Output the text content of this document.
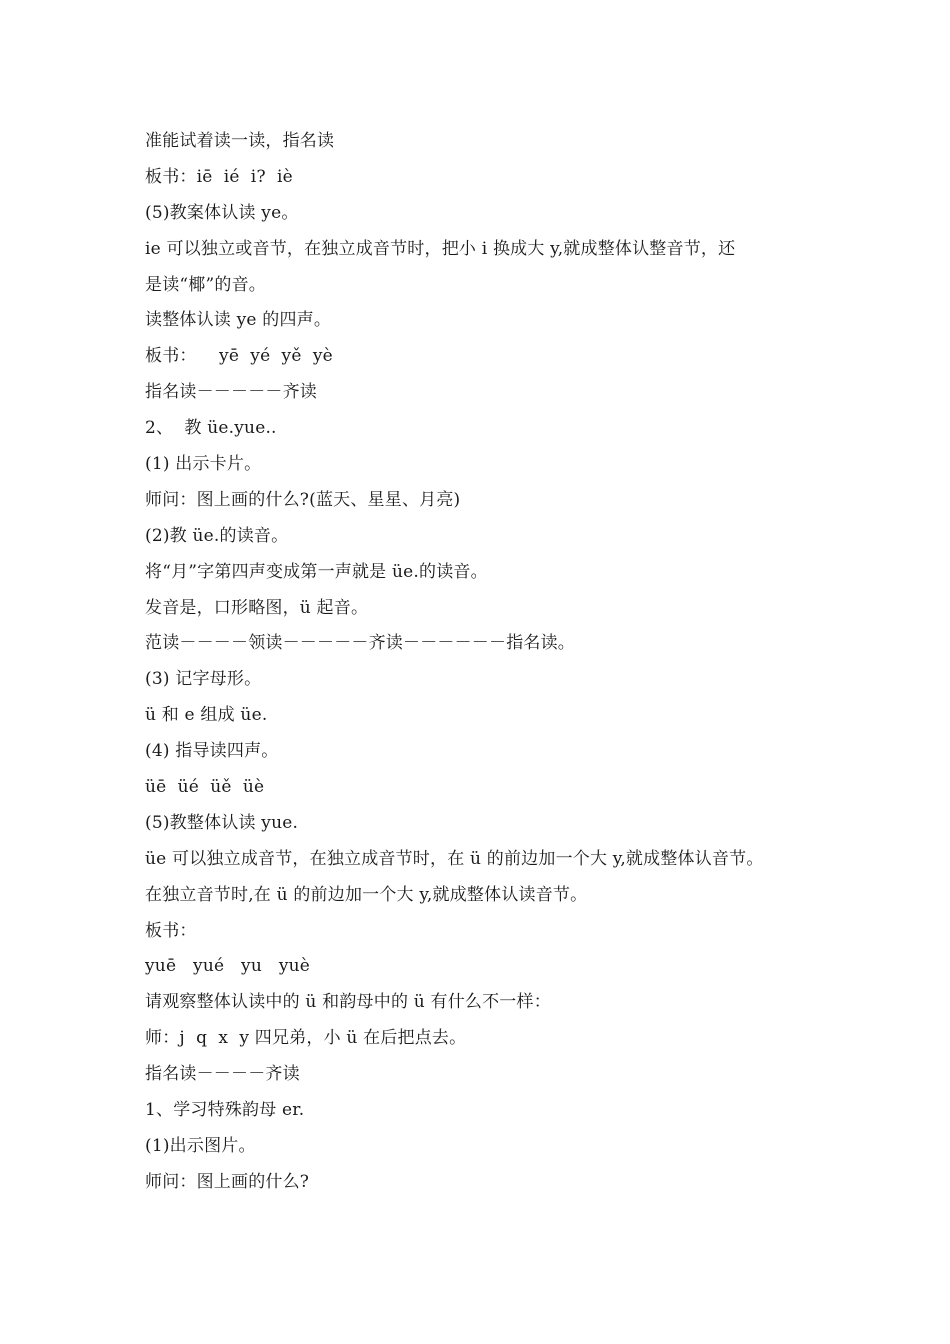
准能试着读一读，指名读
板书：iē  ié  i?  iè
(5)教案体认读 ye。
ie 可以独立或音节，在独立成音节时，把小 i 换成大 y,就成整体认整音节，还
是读“椰”的音。
读整体认读 ye 的四声。
板书：    yē  yé  yě  yè
指名读－－－－－齐读
2、  教 üe.yue..
(1) 出示卡片。
师问：图上画的什么?(蓝天、星星、月亮)
(2)教 üe.的读音。
将“月”字第四声变成第一声就是 üe.的读音。
发音是，口形略图，ü 起音。
范读－－－－领读－－－－－齐读－－－－－－指名读。
(3) 记字母形。
ü 和 e 组成 üe.
(4) 指导读四声。
üē  üé  üě  üè
(5)教整体认读 yue.
üe 可以独立成音节，在独立成音节时，在 ü 的前边加一个大 y,就成整体认音节。
在独立音节时,在 ü 的前边加一个大 y,就成整体认读音节。
板书：
yuē   yué   yu   yuè
请观察整体认读中的 ü 和韵母中的 ü 有什么不一样：
师：j  q  x  y 四兄弟，小 ü 在后把点去。
指名读－－－－齐读
1、学习特殊韵母 er.
(1)出示图片。
师问：图上画的什么?
